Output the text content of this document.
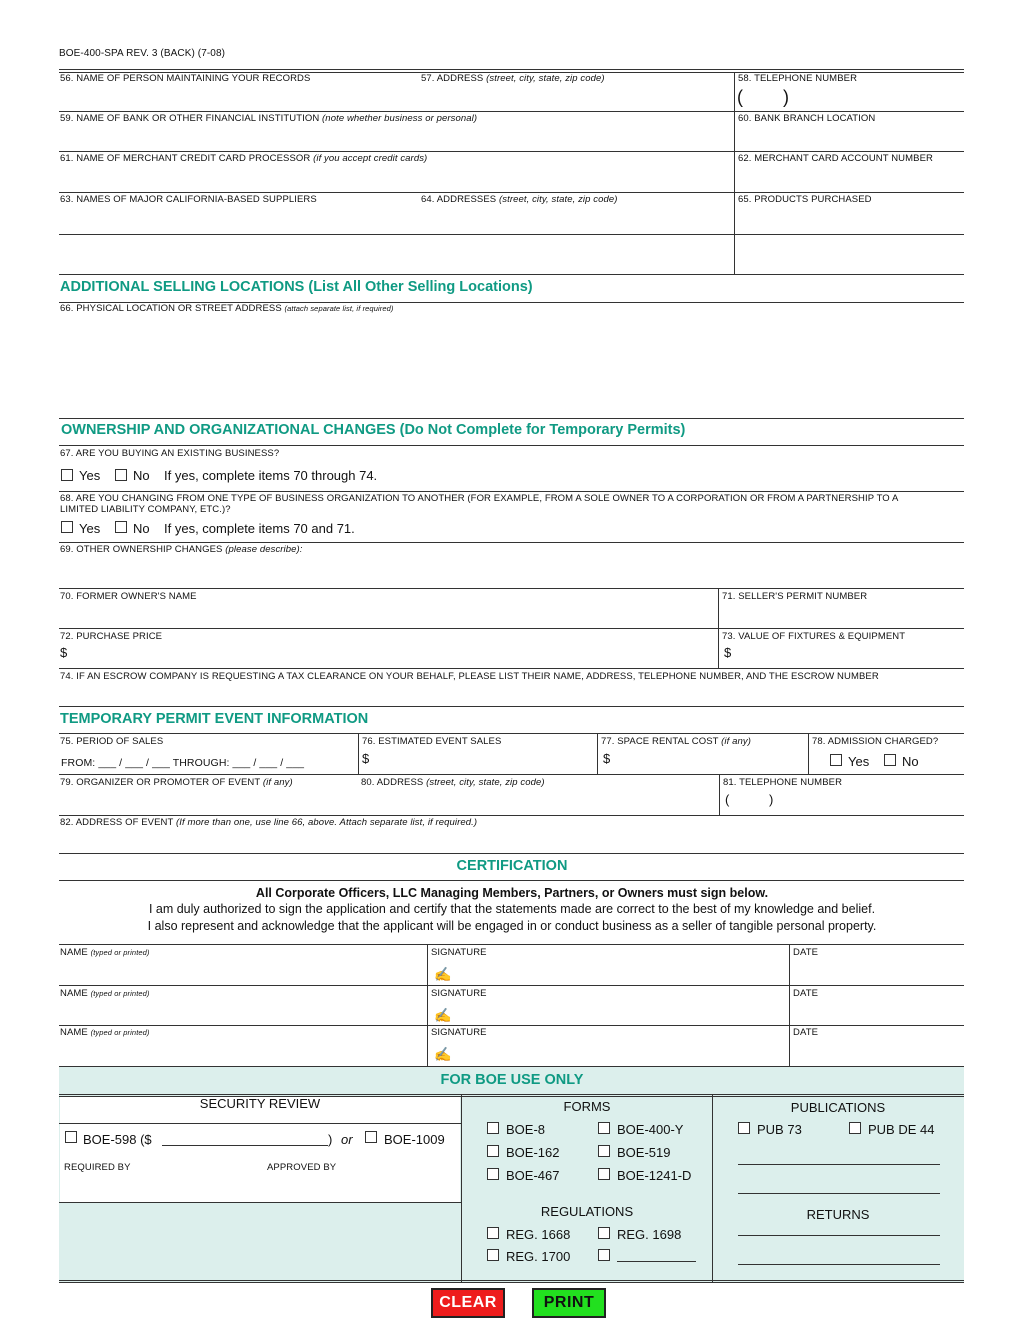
BOE-400-SPA REV. 3 (BACK) (7-08)
56. NAME OF PERSON MAINTAINING YOUR RECORDS	57. ADDRESS (street, city, state, zip code)	58. TELEPHONE NUMBER
(        )
59. NAME OF BANK OR OTHER FINANCIAL INSTITUTION (note whether business or personal)	60. BANK BRANCH LOCATION
61. NAME OF MERCHANT CREDIT CARD PROCESSOR (if you accept credit cards)	62. MERCHANT CARD ACCOUNT NUMBER
63. NAMES OF MAJOR CALIFORNIA-BASED SUPPLIERS	64. ADDRESSES (street, city, state, zip code)	65. PRODUCTS PURCHASED
ADDITIONAL SELLING LOCATIONS (List All Other Selling Locations)
66. PHYSICAL LOCATION OR STREET ADDRESS (attach separate list, if required)
OWNERSHIP AND ORGANIZATIONAL CHANGES (Do Not Complete for Temporary Permits)
67. ARE YOU BUYING AN EXISTING BUSINESS?
Yes	No If yes, complete items 70 through 74.
68. ARE YOU CHANGING FROM ONE TYPE OF BUSINESS ORGANIZATION TO ANOTHER (FOR EXAMPLE, FROM A SOLE OWNER TO A CORPORATION OR FROM A PARTNERSHIP TO A
LIMITED LIABILITY COMPANY, ETC.)?
Yes	No If yes, complete items 70 and 71.
69. OTHER OWNERSHIP CHANGES (please describe):
70. FORMER OWNER'S NAME	71. SELLER'S PERMIT NUMBER
72. PURCHASE PRICE	73. VALUE OF FIXTURES & EQUIPMENT
$	$
74. IF AN ESCROW COMPANY IS REQUESTING A TAX CLEARANCE ON YOUR BEHALF, PLEASE LIST THEIR NAME, ADDRESS, TELEPHONE NUMBER, AND THE ESCROW NUMBER
TEMPORARY PERMIT EVENT INFORMATION
75. PERIOD OF SALES
FROM: ___ / ___ / ___ THROUGH: ___ / ___ / ___
76. ESTIMATED EVENT SALES
$
77. SPACE RENTAL COST (if any)
$
78. ADMISSION CHARGED?
Yes	No
79. ORGANIZER OR PROMOTER OF EVENT (if any)	80. ADDRESS (street, city, state, zip code)	81. TELEPHONE NUMBER
(           )
82. ADDRESS OF EVENT (If more than one, use line 66, above. Attach separate list, if required.)
CERTIFICATION
All Corporate Officers, LLC Managing Members, Partners, or Owners must sign below.
I am duly authorized to sign the application and certify that the statements made are correct to the best of my knowledge and belief.
I also represent and acknowledge that the applicant will be engaged in or conduct business as a seller of tangible personal property.
NAME (typed or printed)	SIGNATURE
✍
DATE
NAME (typed or printed)	SIGNATURE
✍
DATE
NAME (typed or printed)	SIGNATURE
✍
DATE
FOR BOE USE ONLY
SECURITY REVIEW
BOE-598 ($	) or BOE-1009
REQUIRED BY	APPROVED BY
FORMS
BOE-8	BOE-400-Y
BOE-162	BOE-519
BOE-467	BOE-1241-D
REGULATIONS
REG. 1668	REG. 1698
REG. 1700
PUBLICATIONS
PUB 73	PUB DE 44
RETURNS
CLEAR	PRINT
